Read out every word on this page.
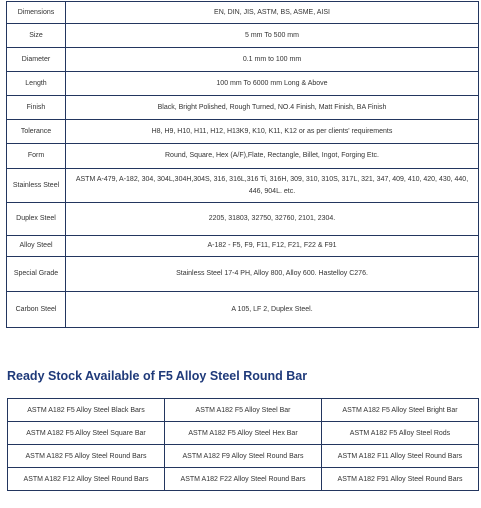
Dimensions	EN, DIN, JIS, ASTM, BS, ASME, AISI
Size	5 mm To 500 mm
Diameter	0.1 mm to 100 mm
Length	100 mm To 6000 mm Long & Above
Finish	Black, Bright Polished, Rough Turned, NO.4 Finish, Matt Finish, BA Finish
Tolerance	H8, H9, H10, H11, H12, H13K9, K10, K11, K12 or as per clients' requirements
Form	Round, Square, Hex (A/F),Flate, Rectangle, Billet, Ingot, Forging Etc.
Stainless Steel	ASTM A-479, A-182, 304, 304L,304H,304S, 316, 316L,316 Ti, 316H, 309, 310, 310S, 317L, 321, 347, 409, 410, 420, 430, 440, 446, 904L. etc.
Duplex Steel	2205, 31803, 32750, 32760, 2101, 2304.
Alloy Steel	A-182 - F5, F9, F11, F12, F21, F22 & F91
Special Grade	Stainless Steel 17-4 PH, Alloy 800, Alloy 600. Hastelloy C276.
Carbon Steel	A 105, LF 2, Duplex Steel.
Ready Stock Available of F5 Alloy Steel Round Bar
ASTM A182 F5 Alloy Steel Black Bars	ASTM A182 F5 Alloy Steel Bar	ASTM A182 F5 Alloy Steel Bright Bar
ASTM A182 F5 Alloy Steel Square Bar	ASTM A182 F5 Alloy Steel Hex Bar	ASTM A182 F5 Alloy Steel Rods
ASTM A182 F5 Alloy Steel Round Bars	ASTM A182 F9 Alloy Steel Round Bars	ASTM A182 F11 Alloy Steel Round Bars
ASTM A182 F12 Alloy Steel Round Bars	ASTM A182 F22 Alloy Steel Round Bars	ASTM A182 F91 Alloy Steel Round Bars
